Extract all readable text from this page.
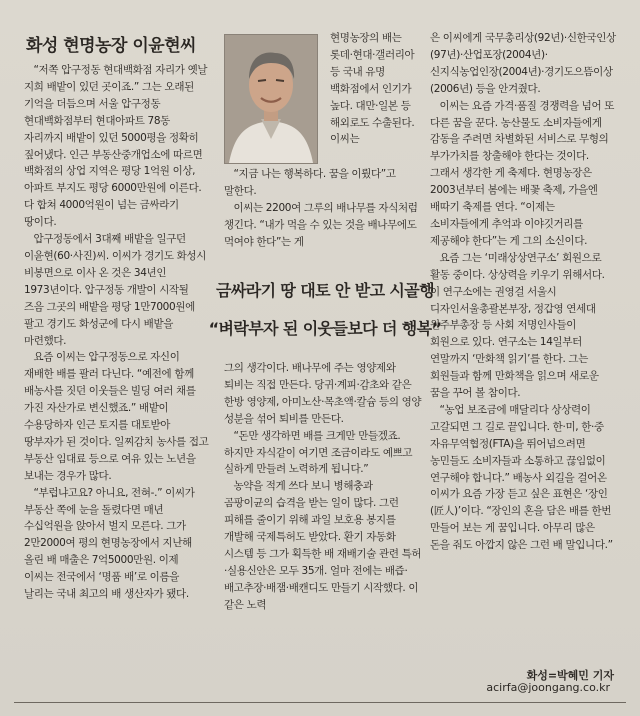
화성 현명농장 이윤현씨

“저쪽 압구정동 현대백화점 자리가 옛날 지희 배밭이 있던 곳이죠.” 그는 오래된 기억을 더듬으며 서울 압구정동 현대백화점부터 현대아파트 78동 자리까지 배밭이 있던 5000평을 정확히 짚어냈다. 인근 부동산중개업소에 따르면 백화점의 상업 지역은 평당 1억원 이상, 아파트 부지도 평당 6000만원에 이른다. 다 합쳐 4000억원이 넘는 금싸라기 땅이다.

압구정동에서 3대째 배밭을 일구던 이윤현(60·사진)씨. 이씨가 경기도 화성시 비봉면으로 이사 온 것은 34년인 1973년이다. 압구정동 개발이 시작될 즈음 그곳의 배밭을 평당 1만7000원에 팔고 경기도 화성군에 다시 배밭을 마련했다.

요즘 이씨는 압구정동으로 자신이 재배한 배를 팔러 다닌다. “예전에 함께 배농사를 짓던 이웃들은 빌딩 여러 채를 가진 자산가로 변신했죠.” 배밭이 수용당하자 인근 토지를 대토받아 땅부자가 된 것이다. 일찌감치 농사를 접고 부동산 임대료 등으로 여유 있는 노년을 보내는 경우가 많다.

“부럽냐고요? 아니요, 전혀-.” 이씨가 부동산 쪽에 눈을 돌렸다면 매년 수십억원을 앉아서 벌지 모른다. 그가 2만2000여 평의 현명농장에서 지난해 올린 배 매출은 7억5000만원. 이제 이씨는 전국에서 ‘명품 배’로 이름을 날리는 국내 최고의 배 생산자가 됐다.

현명농장의 배는 롯데·현대·갤러리아 등 국내 유명 백화점에서 인기가 높다. 대만·일본 등 해외로도 수출된다. 이씨는

“지금 나는 행복하다. 꿈을 이뤘다”고 말한다.

이씨는 2200여 그루의 배나무를 자식처럼 챙긴다. “내가 먹을 수 있는 것을 배나무에도 먹여야 한다”는 게

금싸라기 땅 대토 안 받고 시골행
“벼락부자 된 이웃들보다 더 행복”

그의 생각이다. 배나무에 주는 영양제와 퇴비는 직접 만든다. 당귀·계피·감초와 같은 한방 영양제, 아미노산·목초액·칼슘 등의 영양 성분을 섞어 퇴비를 만든다.

“돈만 생각하면 배를 크게만 만들겠죠. 하지만 자식같이 여기면 조금이라도 예쁘고 실하게 만들려 노력하게 됩니다.”

농약을 적게 쓰다 보니 병해충과 곰팡이균의 습격을 받는 일이 많다. 그런 피해를 줄이기 위해 과일 보호용 봉지를 개발해 국제특허도 받았다. 환기 자동화 시스템 등 그가 획득한 배 재배기술 관련 특허·실용신안은 모두 35개. 얼마 전에는 배즙·배고추장·배잼·배캔디도 만들기 시작했다. 이 같은 노력

은 이씨에게 국무총리상(92년)·신한국인상(97년)·산업포장(2004년)·신지식농업인장(2004년)·경기도으뜸이상(2006년) 등을 안겨줬다.

이씨는 요즘 가격·품질 경쟁력을 넘어 또 다른 꿈을 꾼다. 농산물도 소비자들에게 감동을 주려면 차별화된 서비스로 무형의 부가가치를 창출해야 한다는 것이다. 그래서 생각한 게 축제다. 현명농장은 2003년부터 봄에는 배꽃 축제, 가을엔 배따기 축제를 연다. “이제는 소비자들에게 추억과 이야깃거리를 제공해야 한다”는 게 그의 소신이다.

요즘 그는 ‘미래상상연구소’ 회원으로 활동 중이다. 상상력을 키우기 위해서다. 이 연구소에는 권영걸 서울시 디자인서울총괄본부장, 정갑영 연세대 원주부총장 등 사회 저명인사들이 회원으로 있다. 연구소는 14일부터 연말까지 ‘만화책 읽기’를 한다. 그는 회원들과 함께 만화책을 읽으며 새로운 꿈을 꾸어 볼 참이다.

“농업 보조금에 매달리다 상상력이 고갈되면 그 길로 끝입니다. 한·미, 한·중 자유무역협정(FTA)을 뛰어넘으려면 농민들도 소비자들과 소통하고 끊임없이 연구해야 합니다.” 배농사 외길을 걸어온 이씨가 요즘 가장 듣고 싶은 표현은 ‘장인(匠人)’이다. “장인의 혼을 담은 배를 한번 만들어 보는 게 꿈입니다. 아무리 많은 돈을 줘도 아깝지 않은 그런 배 말입니다.”

화성=박혜민 기자
acirfa@joongang.co.kr
